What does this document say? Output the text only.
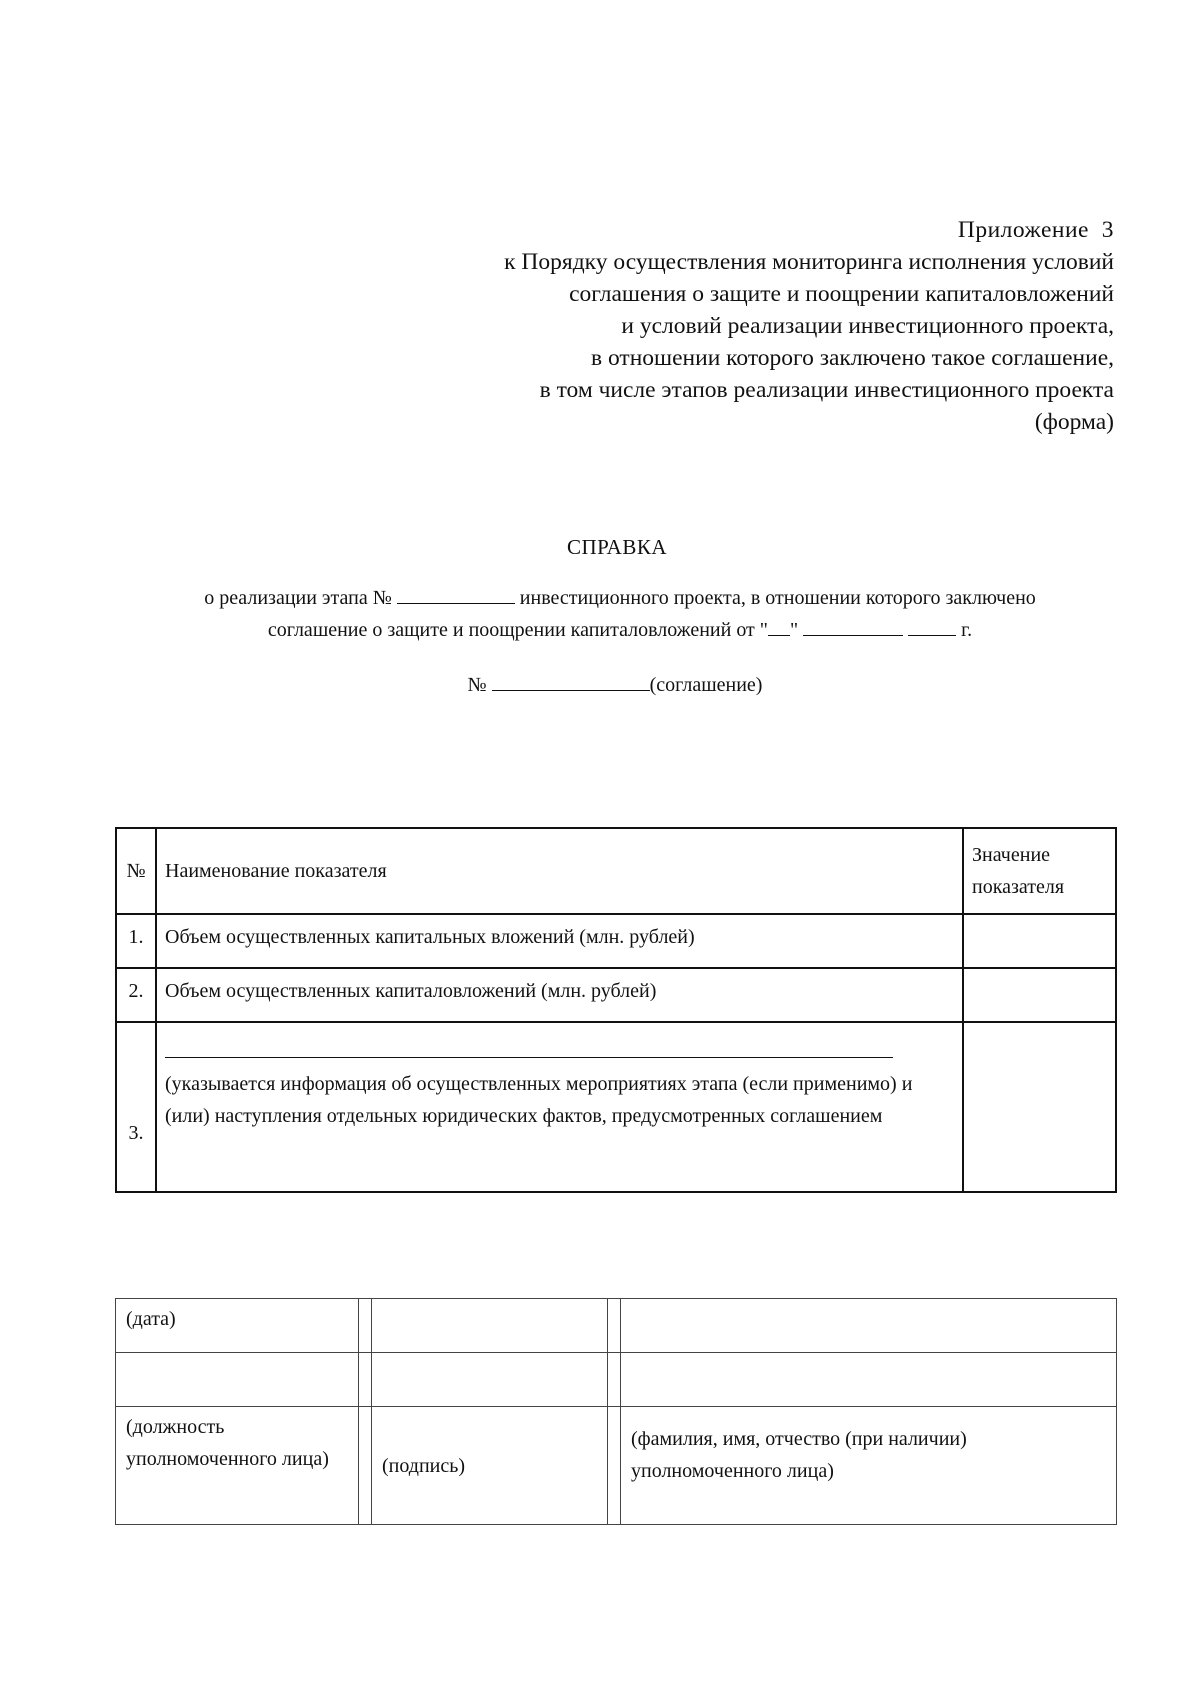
Приложение  3
к Порядку осуществления мониторинга исполнения условий
соглашения о защите и поощрении капиталовложений
и условий реализации инвестиционного проекта,
в отношении которого заключено такое соглашение,
в том числе этапов реализации инвестиционного проекта
(форма)
СПРАВКА
о реализации этапа №	инвестиционного проекта, в отношении которого заключено
соглашение о защите и поощрении капиталовложений от " "	г.
№	(соглашение)
№	Наименование показателя	Значение показателя
1.	Объем осуществленных капитальных вложений (млн. рублей)	
2.	Объем осуществленных капиталовложений (млн. рублей)	
3.	(указывается информация об осуществленных мероприятиях этапа (если применимо) и (или) наступления отдельных юридических фактов, предусмотренных соглашением	

(дата)				

(должность уполномоченного лица)		(подпись)		(фамилия, имя, отчество (при наличии) уполномоченного лица)
